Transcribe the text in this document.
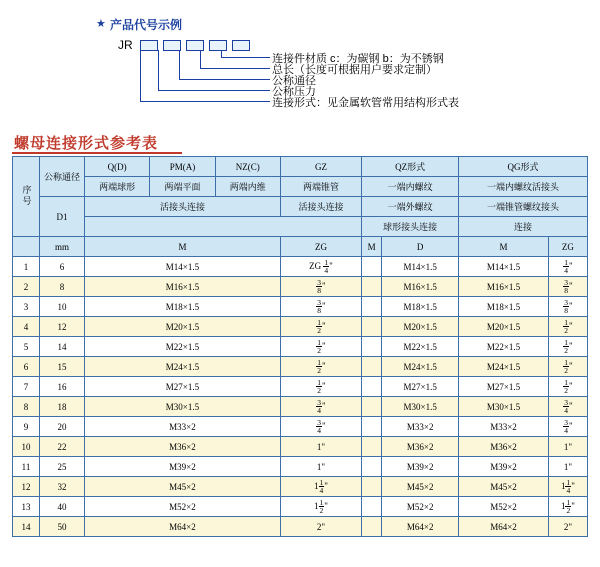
★ 产品代号示例
JR
连接件材质 c：为碳钢 b：为不锈钢
总长（长度可根据用户要求定制）
公称通径
公称压力
连接形式：见金属软管常用结构形式表
螺母连接形式参考表
序号	公称通径	Q(D)	PM(A)	NZ(C)	GZ	QZ形式		QG形式	
		两端球形	两端平面	两端内维	两端锥管	一端内螺纹		一端内螺纹活接头	
	D1	活接头连接			活接头连接	一端外螺纹		一端锥管螺纹接头	
						球形接头连接		连接	
	mm	M			ZG	M	D	M	ZG
1	6	M14×1.5			ZG $\frac{1}{4}$ "		M14×1.5	M14×1.5	$\frac{1}{4}$ "
2	8	M16×1.5			$\frac{3}{8}$ "		M16×1.5	M16×1.5	$\frac{3}{8}$ "
3	10	M18×1.5			$\frac{3}{8}$ "		M18×1.5	M18×1.5	$\frac{3}{8}$ "
4	12	M20×1.5			$\frac{1}{2}$ "		M20×1.5	M20×1.5	$\frac{1}{2}$ "
5	14	M22×1.5			$\frac{1}{2}$ "		M22×1.5	M22×1.5	$\frac{1}{2}$ "
6	15	M24×1.5			$\frac{1}{2}$ "		M24×1.5	M24×1.5	$\frac{1}{2}$ "
7	16	M27×1.5			$\frac{1}{2}$ "		M27×1.5	M27×1.5	$\frac{1}{2}$ "
8	18	M30×1.5			$\frac{3}{4}$ "		M30×1.5	M30×1.5	$\frac{3}{4}$ "
9	20	M33×2			$\frac{3}{4}$ "		M33×2	M33×2	$\frac{3}{4}$ "
10	22	M36×2			1"		M36×2	M36×2	1"
11	25	M39×2			1"		M39×2	M39×2	1"
12	32	M45×2			$1 \frac{1}{4}$ "		M45×2	M45×2	$1 \frac{1}{4}$ "
13	40	M52×2			$1 \frac{1}{2}$ "		M52×2	M52×2	$1 \frac{1}{2}$ "
14	50	M64×2			2"		M64×2	M64×2	2"
